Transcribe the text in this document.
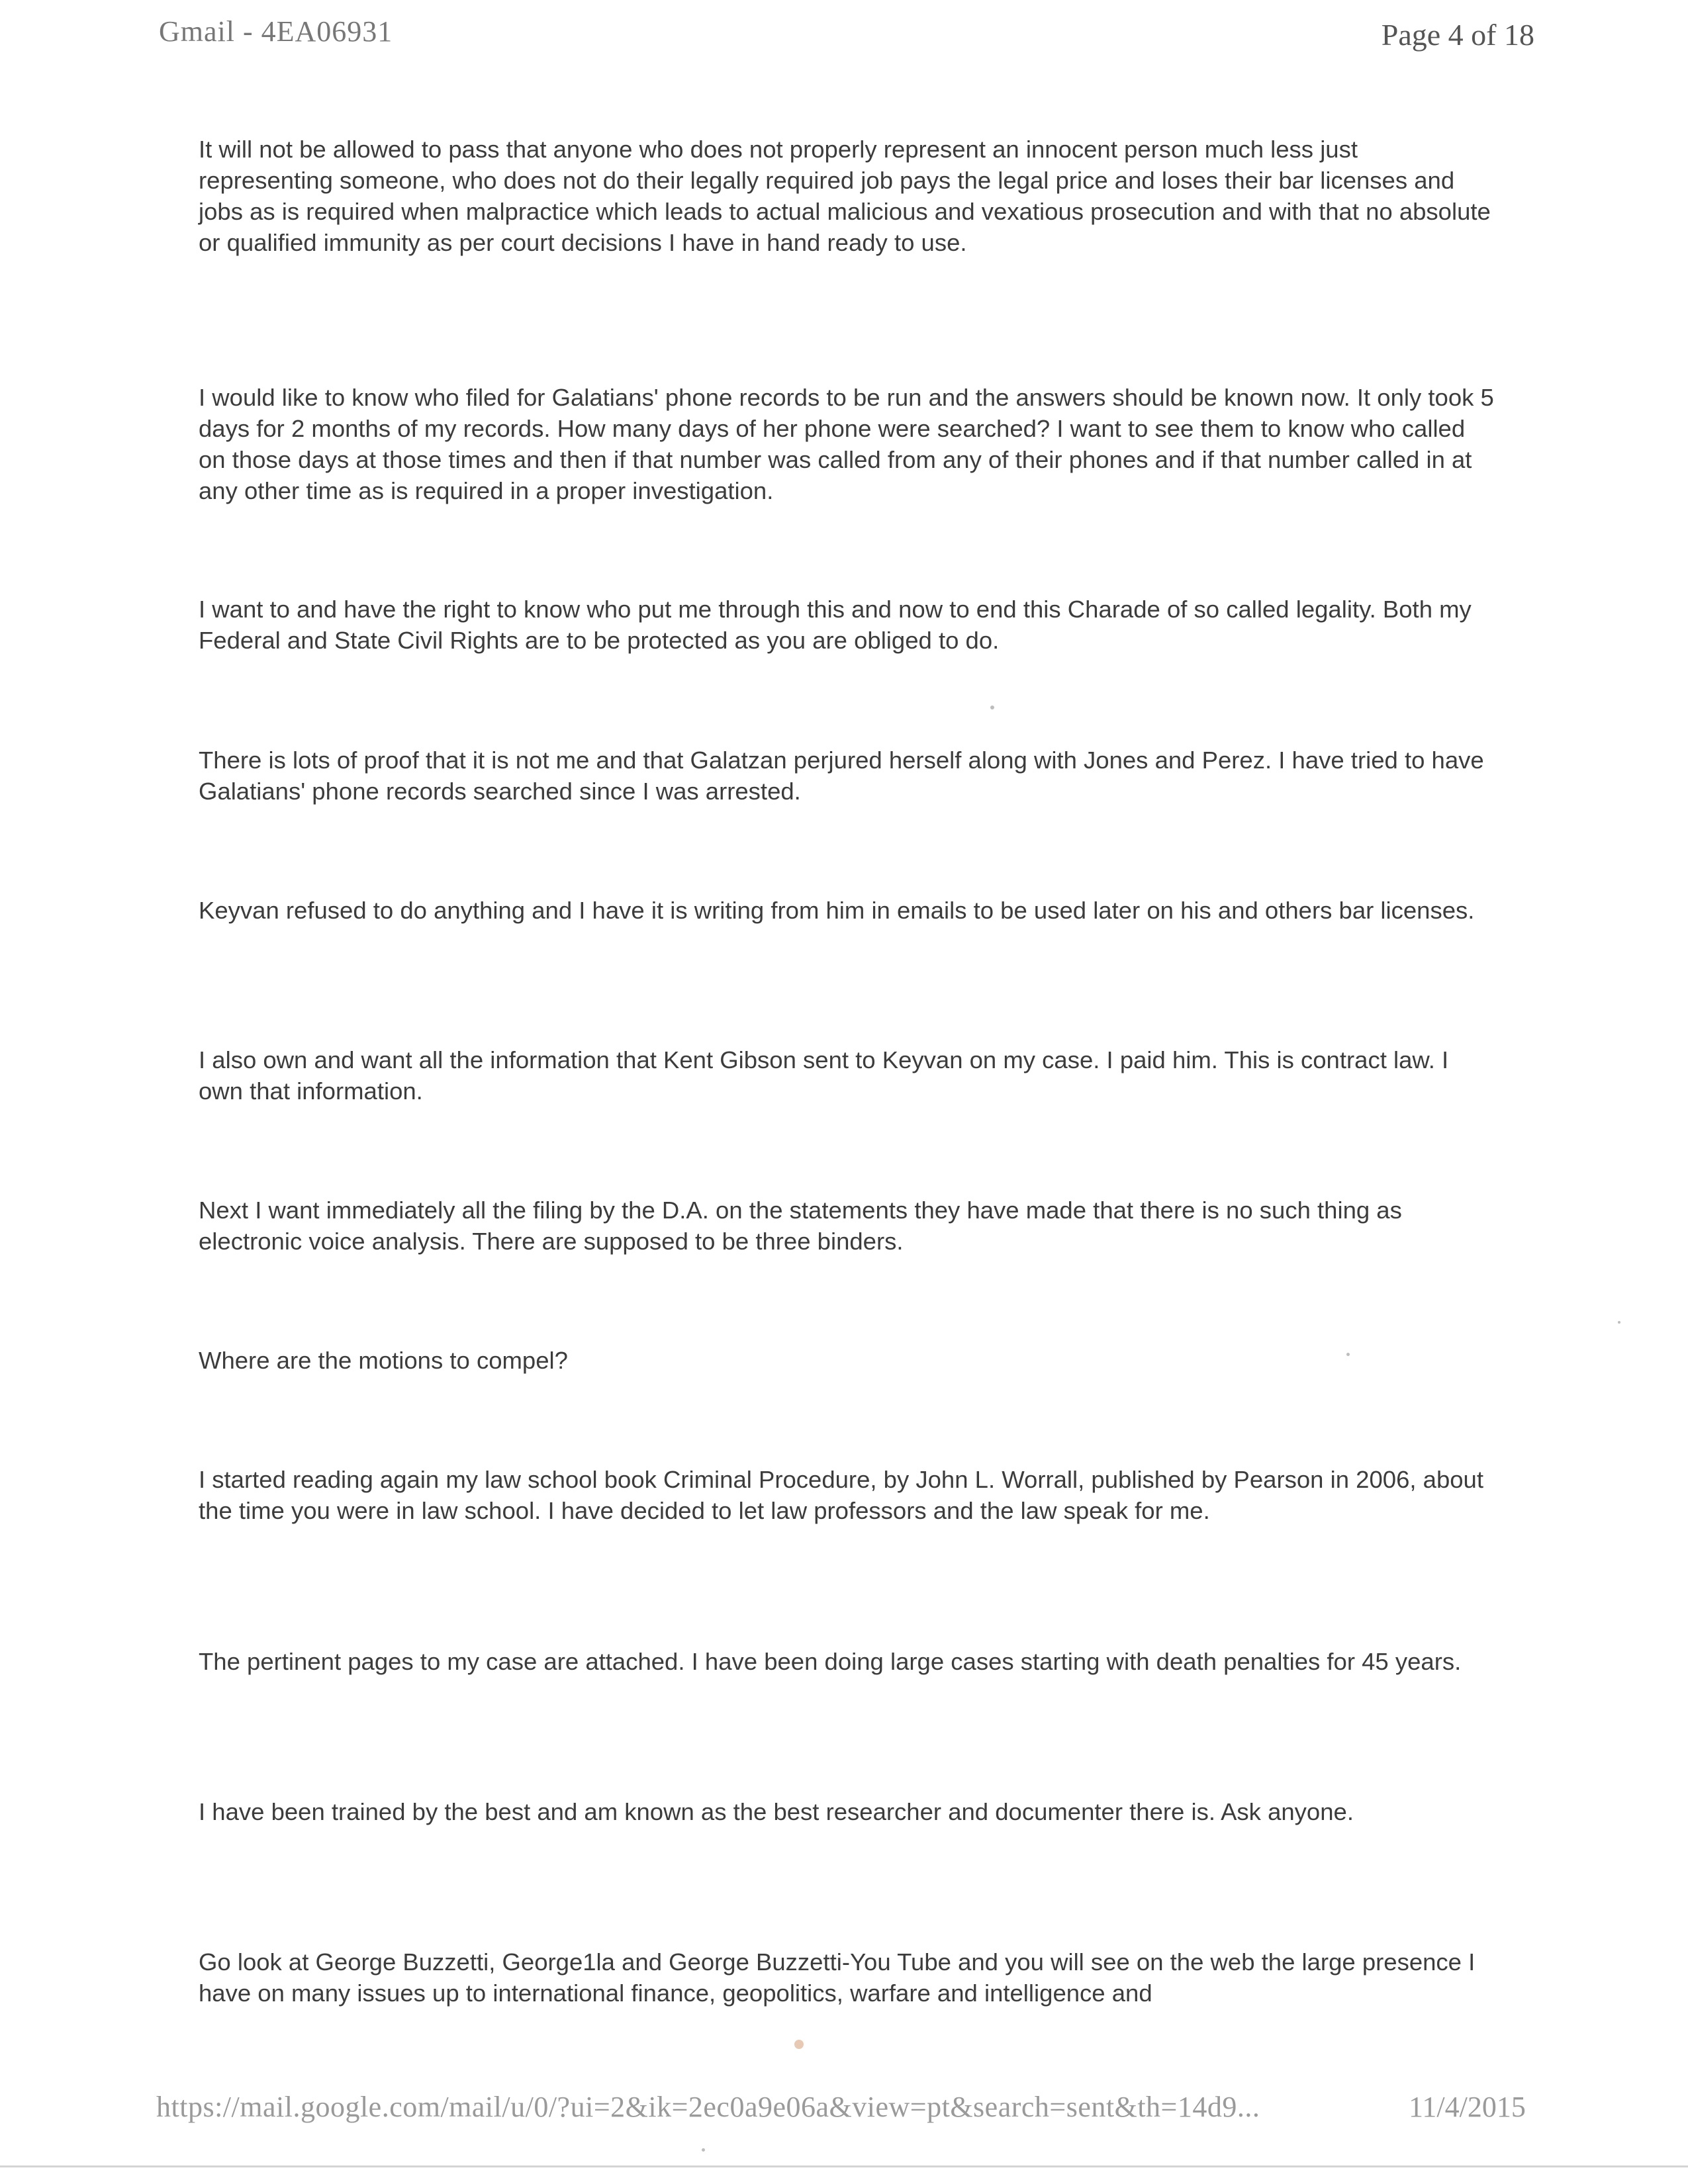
Gmail - 4EA06931	Page 4 of 18

It will not be allowed to pass that anyone who does not properly represent an innocent person much less just representing someone, who does not do their legally required job pays the legal price and loses their bar licenses and jobs as is required when malpractice which leads to actual malicious and vexatious prosecution and with that no absolute or qualified immunity as per court decisions I have in hand ready to use.

I would like to know who filed for Galatians' phone records to be run and the answers should be known now. It only took 5 days for 2 months of my records. How many days of her phone were searched? I want to see them to know who called on those days at those times and then if that number was called from any of their phones and if that number called in at any other time as is required in a proper investigation.

I want to and have the right to know who put me through this and now to end this Charade of so called legality. Both my Federal and State Civil Rights are to be protected as you are obliged to do.

There is lots of proof that it is not me and that Galatzan perjured herself along with Jones and Perez. I have tried to have Galatians' phone records searched since I was arrested.

Keyvan refused to do anything and I have it is writing from him in emails to be used later on his and others bar licenses.

I also own and want all the information that Kent Gibson sent to Keyvan on my case. I paid him. This is contract law. I own that information.

Next I want immediately all the filing by the D.A. on the statements they have made that there is no such thing as electronic voice analysis. There are supposed to be three binders.

Where are the motions to compel?

I started reading again my law school book Criminal Procedure, by John L. Worrall, published by Pearson in 2006, about the time you were in law school. I have decided to let law professors and the law speak for me.

The pertinent pages to my case are attached. I have been doing large cases starting with death penalties for 45 years.

I have been trained by the best and am known as the best researcher and documenter there is. Ask anyone.

Go look at George Buzzetti, George1la and George Buzzetti-You Tube and you will see on the web the large presence I have on many issues up to international finance, geopolitics, warfare and intelligence and

https://mail.google.com/mail/u/0/?ui=2&ik=2ec0a9e06a&view=pt&search=sent&th=14d9...	11/4/2015
